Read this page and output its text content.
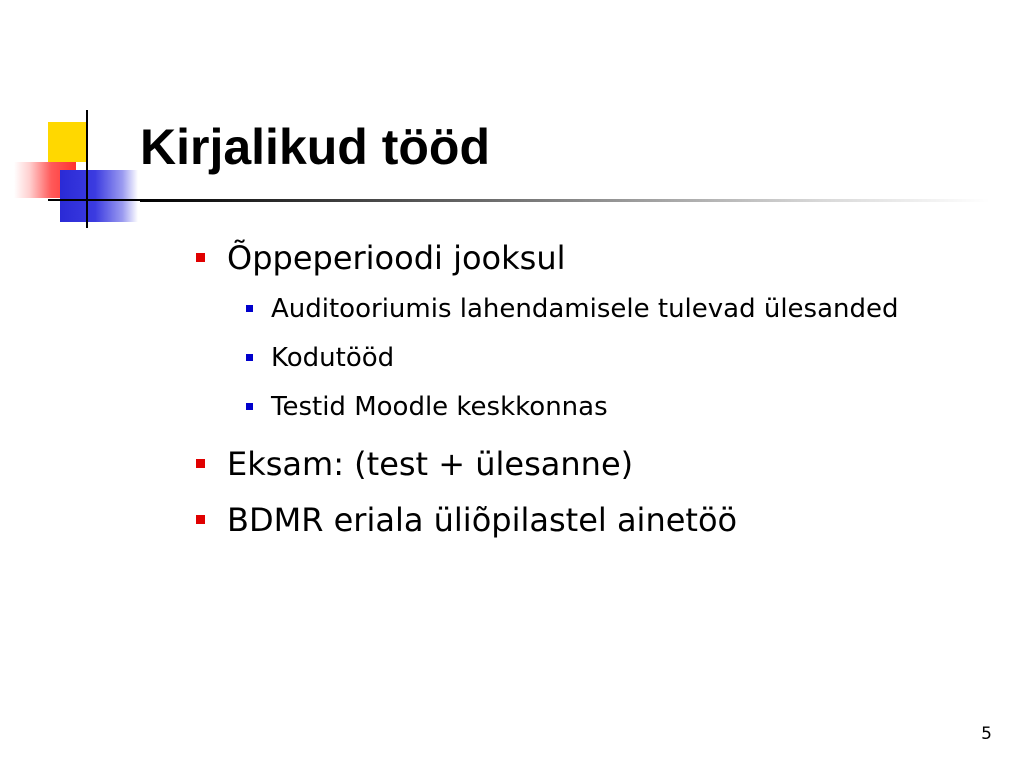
Kirjalikud tööd
Õppeperioodi jooksul
Auditooriumis lahendamisele tulevad ülesanded
Kodutööd
Testid Moodle keskkonnas
Eksam: (test + ülesanne)
BDMR eriala üliõpilastel ainetöö
5
